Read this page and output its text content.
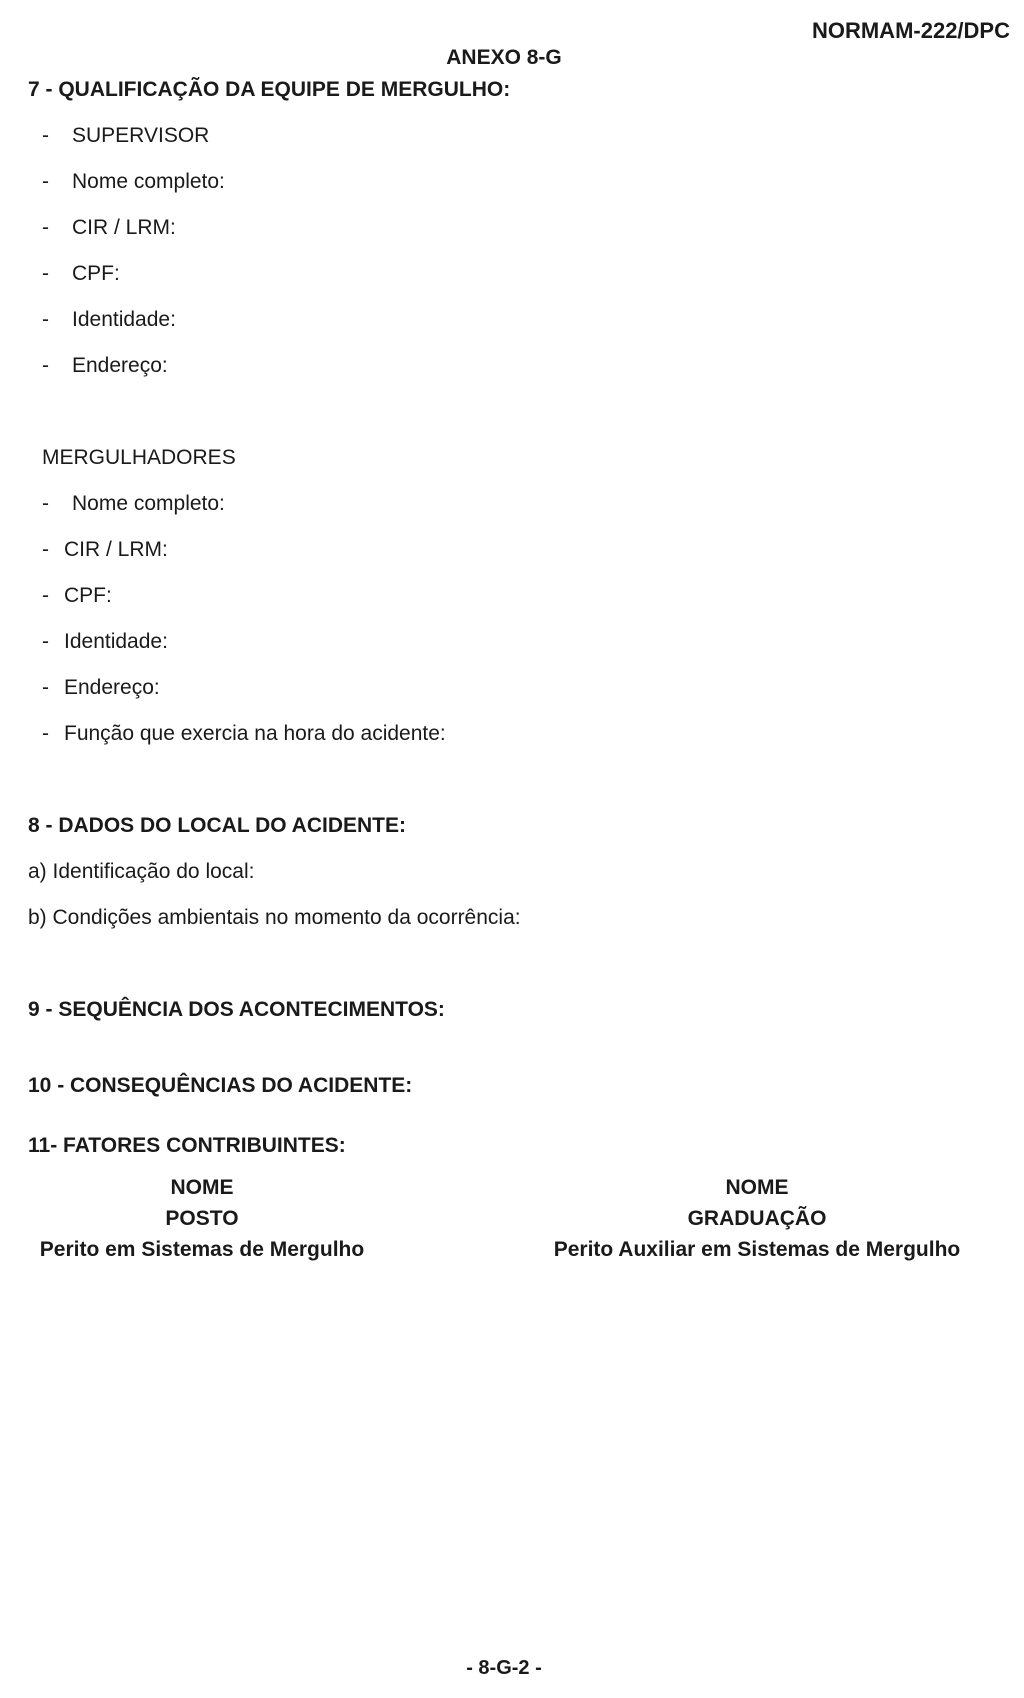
NORMAM-222/DPC
ANEXO 8-G
7 - QUALIFICAÇÃO DA EQUIPE DE MERGULHO:
- SUPERVISOR
- Nome completo:
- CIR / LRM:
- CPF:
- Identidade:
- Endereço:
MERGULHADORES
- Nome completo:
- CIR / LRM:
- CPF:
- Identidade:
- Endereço:
- Função que exercia na hora do acidente:
8 - DADOS DO LOCAL DO ACIDENTE:
a) Identificação do local:
b) Condições ambientais no momento da ocorrência:
9 - SEQUÊNCIA DOS ACONTECIMENTOS:
10 - CONSEQUÊNCIAS DO ACIDENTE:
11- FATORES CONTRIBUINTES:
NOME
POSTO
Perito em Sistemas de Mergulho
NOME
GRADUAÇÃO
Perito Auxiliar em Sistemas de Mergulho
- 8-G-2 -
